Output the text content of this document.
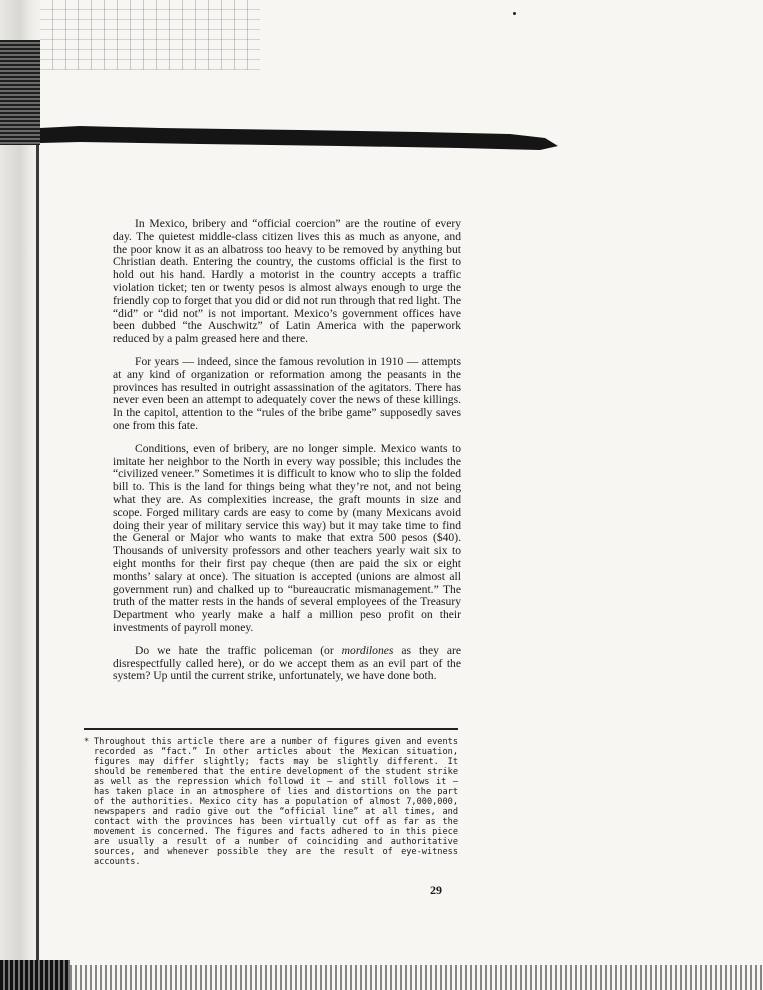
In Mexico, bribery and “official coercion” are the routine of every day. The quietest middle-class citizen lives this as much as anyone, and the poor know it as an albatross too heavy to be removed by anything but Christian death. Entering the country, the customs official is the first to hold out his hand. Hardly a motorist in the country accepts a traffic violation ticket; ten or twenty pesos is almost always enough to urge the friendly cop to forget that you did or did not run through that red light. The “did” or “did not” is not important. Mexico’s government offices have been dubbed “the Auschwitz” of Latin America with the paperwork reduced by a palm greased here and there.

For years — indeed, since the famous revolution in 1910 — attempts at any kind of organization or reformation among the peasants in the provinces has resulted in outright assassination of the agitators. There has never even been an attempt to adequately cover the news of these killings. In the capitol, attention to the “rules of the bribe game” supposedly saves one from this fate.

Conditions, even of bribery, are no longer simple. Mexico wants to imitate her neighbor to the North in every way possible; this includes the “civilized veneer.” Sometimes it is difficult to know who to slip the folded bill to. This is the land for things being what they’re not, and not being what they are. As complexities increase, the graft mounts in size and scope. Forged military cards are easy to come by (many Mexicans avoid doing their year of military service this way) but it may take time to find the General or Major who wants to make that extra 500 pesos ($40). Thousands of university professors and other teachers yearly wait six to eight months for their first pay cheque (then are paid the six or eight months’ salary at once). The situation is accepted (unions are almost all government run) and chalked up to “bureaucratic mismanagement.” The truth of the matter rests in the hands of several employees of the Treasury Department who yearly make a half a million peso profit on their investments of payroll money.

Do we hate the traffic policeman (or mordilones as they are disrespectfully called here), or do we accept them as an evil part of the system? Up until the current strike, unfortunately, we have done both.

* Throughout this article there are a number of figures given and events recorded as “fact.” In other articles about the Mexican situation, figures may differ slightly; facts may be slightly different. It should be remembered that the entire development of the student strike as well as the repression which followd it — and still follows it — has taken place in an atmosphere of lies and distortions on the part of the authorities. Mexico city has a population of almost 7,000,000, newspapers and radio give out the “official line” at all times, and contact with the provinces has been virtually cut off as far as the movement is concerned. The figures and facts adhered to in this piece are usually a result of a number of coinciding and authoritative sources, and whenever possible they are the result of eye-witness accounts.
29
